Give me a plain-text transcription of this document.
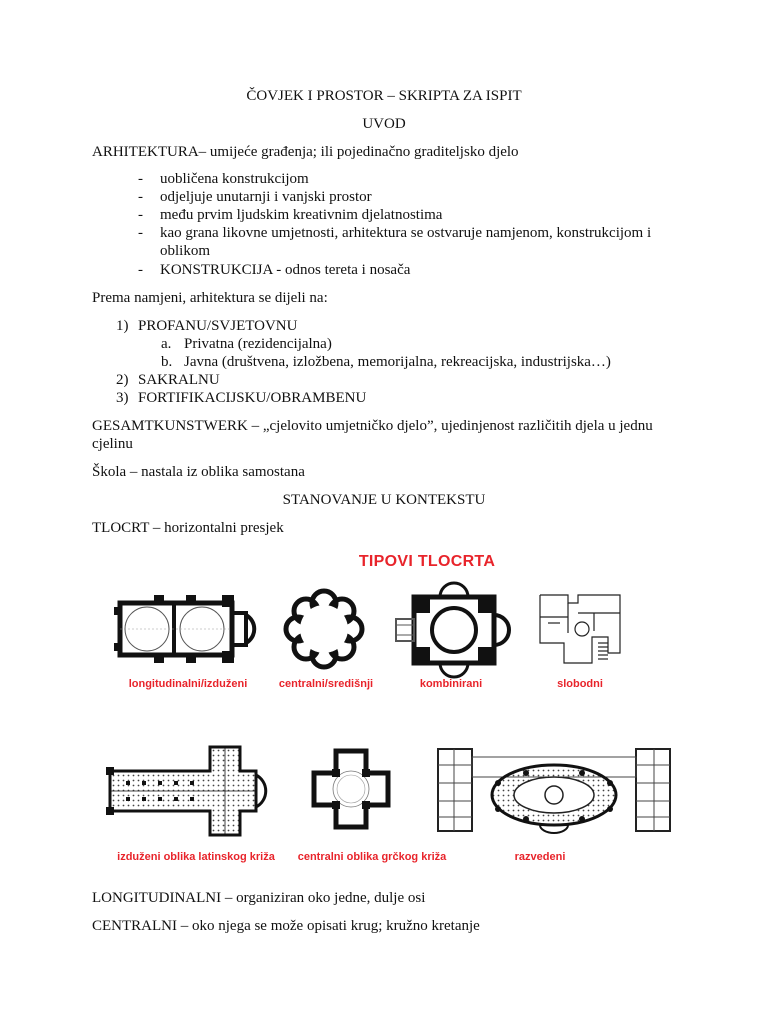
ČOVJEK I PROSTOR – SKRIPTA ZA ISPIT
UVOD
ARHITEKTURA– umijeće građenja; ili pojedinačno graditeljsko djelo
- uobličena konstrukcijom
- odjeljuje unutarnji i vanjski prostor
- među prvim ljudskim kreativnim djelatnostima
- kao grana likovne umjetnosti, arhitektura se ostvaruje namjenom, konstrukcijom i
oblikom
- KONSTRUKCIJA - odnos tereta i nosača
Prema namjeni, arhitektura se dijeli na:
1) PROFANU/SVJETOVNU
a. Privatna (rezidencijalna)
b. Javna (društvena, izložbena, memorijalna, rekreacijska, industrijska…)
2) SAKRALNU
3) FORTIFIKACIJSKU/OBRAMBENU
GESAMTKUNSTWERK – „cjelovito umjetničko djelo”, ujedinjenost različitih djela u jednu
cjelinu
Škola – nastala iz oblika samostana
STANOVANJE U KONTEKSTU
TLOCRT – horizontalni presjek
TIPOVI TLOCRTA
longitudinalni/izduženi	centralni/središnji	kombinirani	slobodni
izduženi oblika latinskog križa	centralni oblika grčkog križa	razvedeni
LONGITUDINALNI – organiziran oko jedne, dulje osi
CENTRALNI – oko njega se može opisati krug; kružno kretanje
